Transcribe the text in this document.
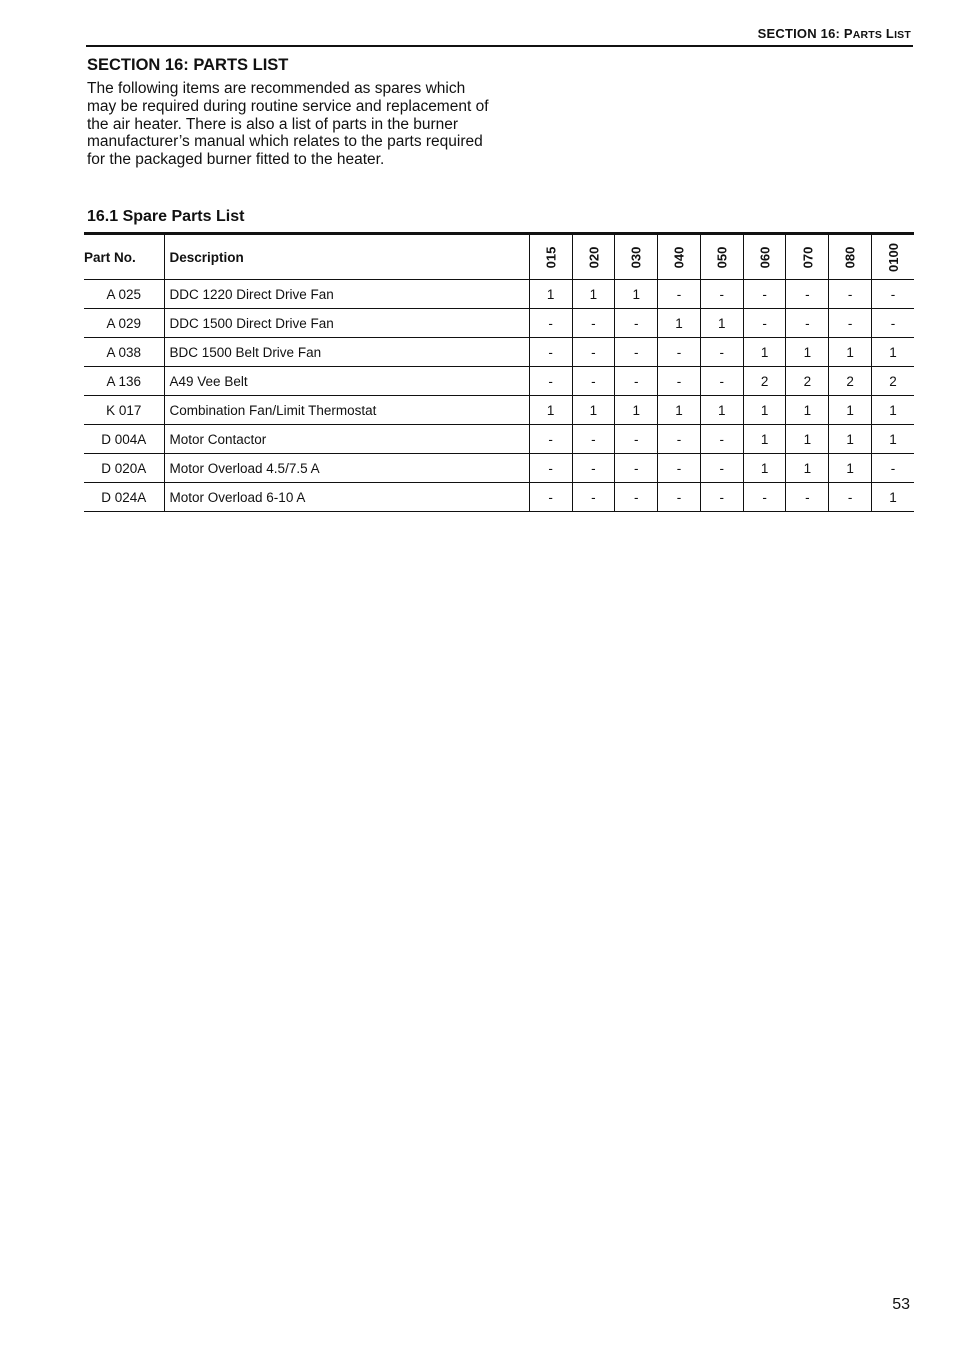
SECTION 16: PARTS LIST
SECTION 16: PARTS LIST

The following items are recommended as spares which may be required during routine service and replacement of the air heater. There is also a list of parts in the burner manufacturer’s manual which relates to the parts required for the packaged burner fitted to the heater.

16.1 Spare Parts List
Part No.	Description	015	020	030	040	050	060	070	080	0100
A 025	DDC 1220 Direct Drive Fan	1	1	1	-	-	-	-	-	-
A 029	DDC 1500 Direct Drive Fan	-	-	-	1	1	-	-	-	-
A 038	BDC 1500 Belt Drive Fan	-	-	-	-	-	1	1	1	1
A 136	A49 Vee Belt	-	-	-	-	-	2	2	2	2
K 017	Combination Fan/Limit Thermostat	1	1	1	1	1	1	1	1	1
D 004A	Motor Contactor	-	-	-	-	-	1	1	1	1
D 020A	Motor Overload 4.5/7.5 A	-	-	-	-	-	1	1	1	-
D 024A	Motor Overload 6-10 A	-	-	-	-	-	-	-	-	1
53
